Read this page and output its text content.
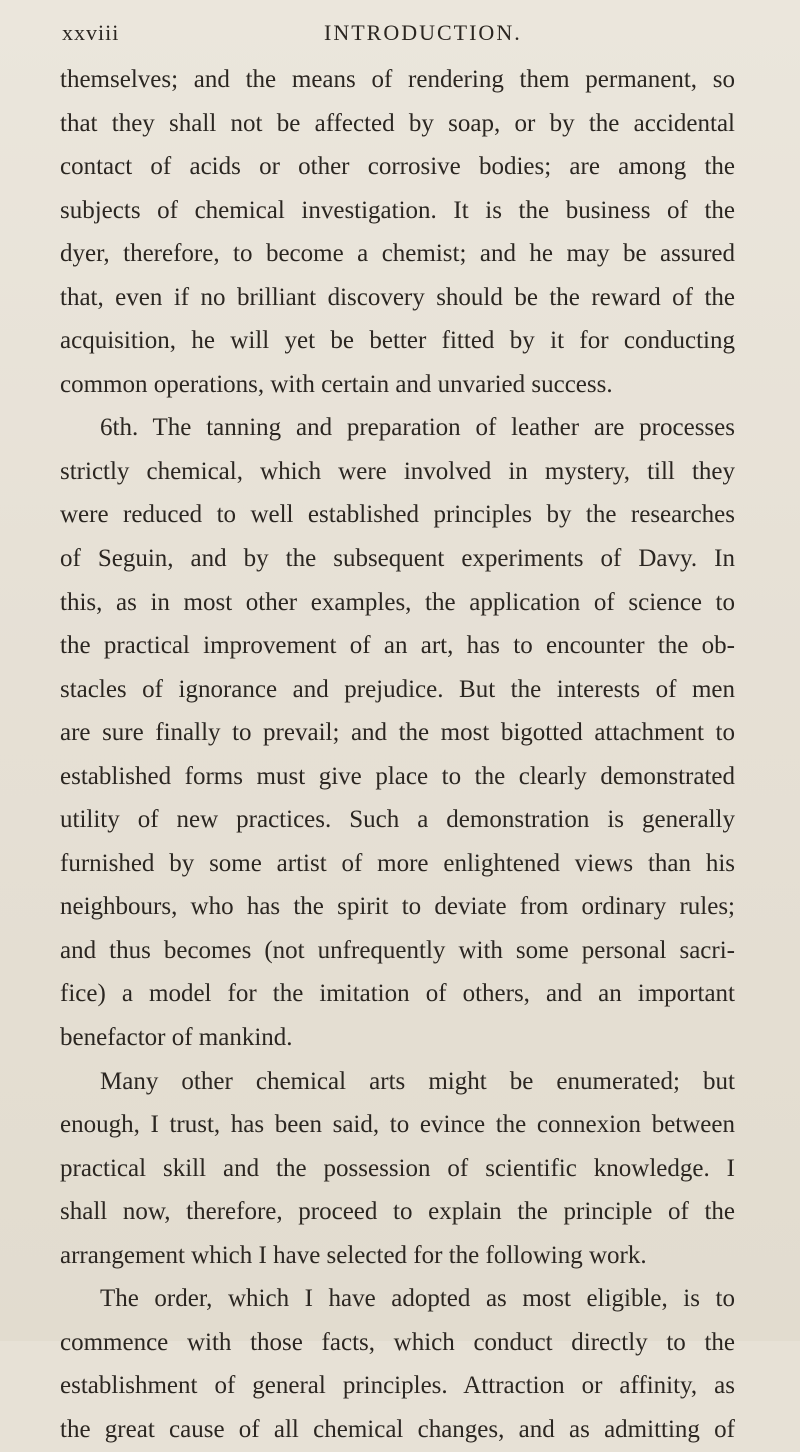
xxviii	INTRODUCTION.
themselves; and the means of rendering them permanent, so
that they shall not be affected by soap, or by the accidental
contact of acids or other corrosive bodies; are among the
subjects of chemical investigation. It is the business of the
dyer, therefore, to become a chemist; and he may be assured
that, even if no brilliant discovery should be the reward of the
acquisition, he will yet be better fitted by it for conducting
common operations, with certain and unvaried success.
6th. The tanning and preparation of leather are processes
strictly chemical, which were involved in mystery, till they
were reduced to well established principles by the researches
of Seguin, and by the subsequent experiments of Davy. In
this, as in most other examples, the application of science to
the practical improvement of an art, has to encounter the ob-
stacles of ignorance and prejudice. But the interests of men
are sure finally to prevail; and the most bigotted attachment to
established forms must give place to the clearly demonstrated
utility of new practices. Such a demonstration is generally
furnished by some artist of more enlightened views than his
neighbours, who has the spirit to deviate from ordinary rules;
and thus becomes (not unfrequently with some personal sacri-
fice) a model for the imitation of others, and an important
benefactor of mankind.
Many other chemical arts might be enumerated; but
enough, I trust, has been said, to evince the connexion between
practical skill and the possession of scientific knowledge. I
shall now, therefore, proceed to explain the principle of the
arrangement which I have selected for the following work.
The order, which I have adopted as most eligible, is to
commence with those facts, which conduct directly to the
establishment of general principles. Attraction or affinity, as
the great cause of all chemical changes, and as admitting of
